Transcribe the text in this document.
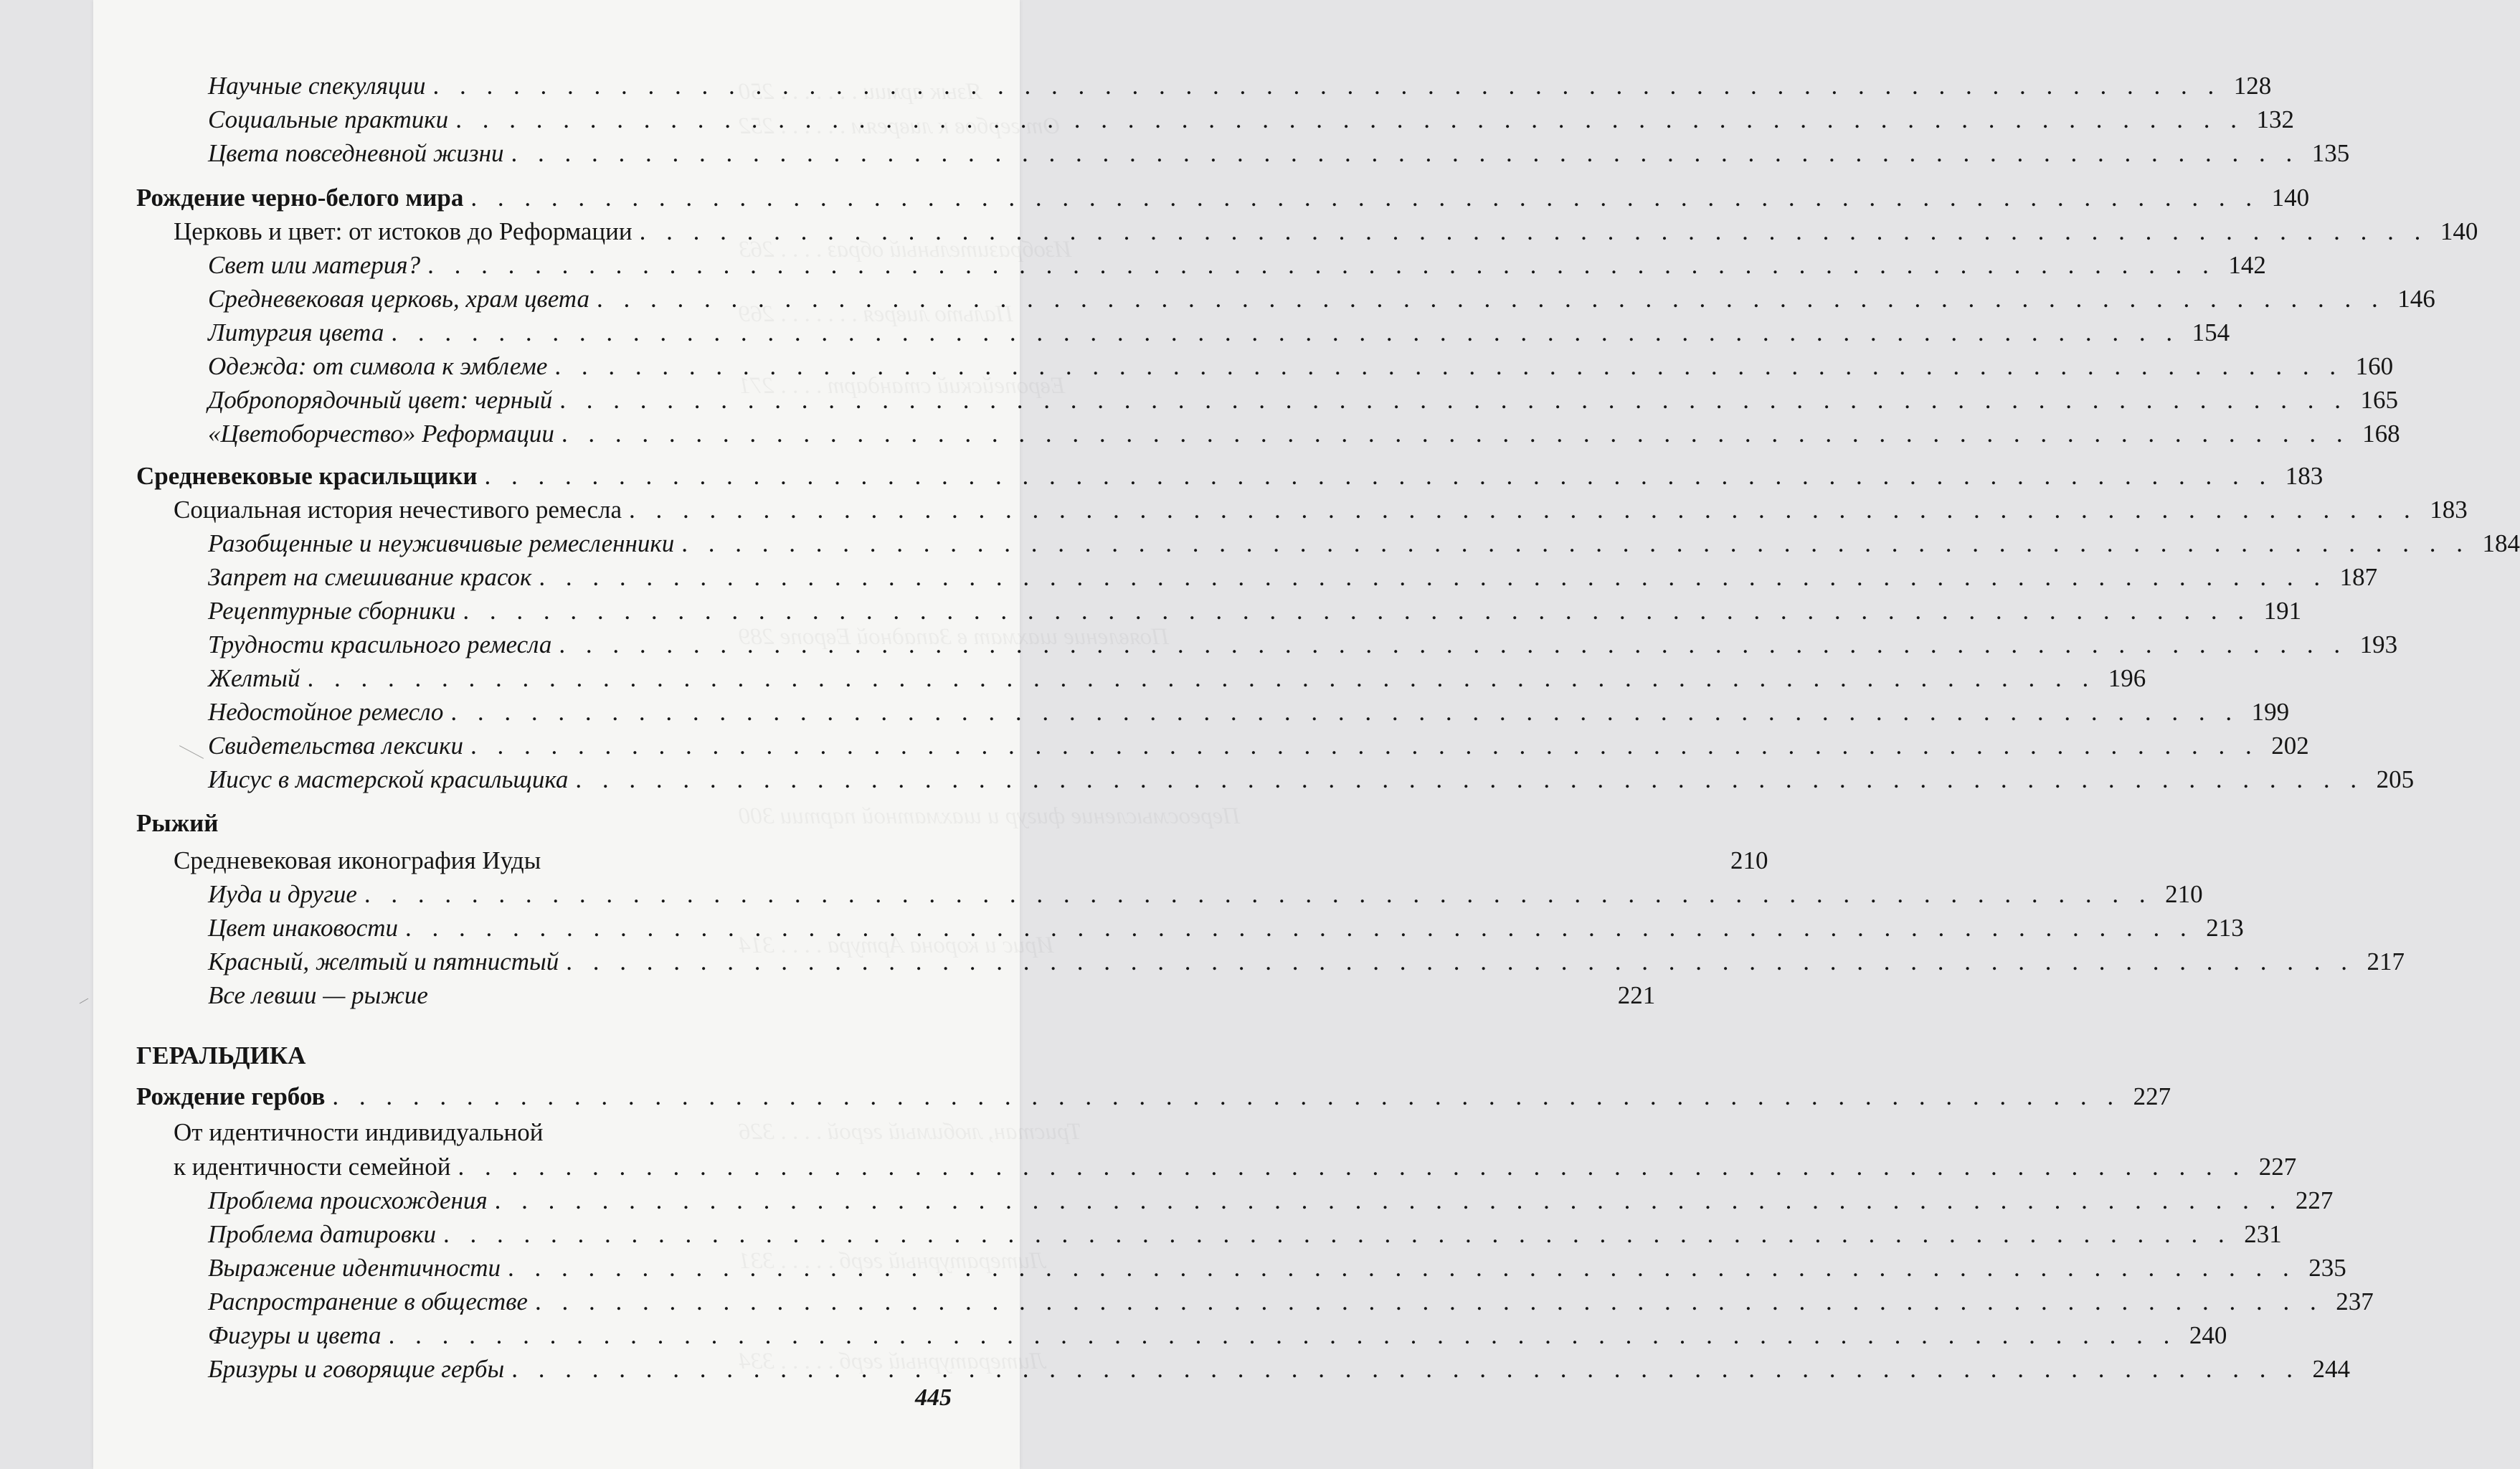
Научные спекуляции . . . . . . . . . . . . . . . . . . . . . . . . . . . . . . . . . . . . . . . . . . . . . . . . . . . . . . . . . . . . . . . . . . . 128
Социальные практики . . . . . . . . . . . . . . . . . . . . . . . . . . . . . . . . . . . . . . . . . . . . . . . . . . . . . . . . . . . . . . . . . . . 132
Цвета повседневной жизни . . . . . . . . . . . . . . . . . . . . . . . . . . . . . . . . . . . . . . . . . . . . . . . . . . . . . . . . . . . . . . . . . . . 135
Рождение черно-белого мира . . . . . . . . . . . . . . . . . . . . . . . . . . . . . . . . . . . . . . . . . . . . . . . . . . . . . . . . . . . . . . . . . . . 140
Церковь и цвет: от истоков до Реформации . . . . . . . . . . . . . . . . . . . . . . . . . . . . . . . . . . . . . . . . . . . . . . . . . . . . . . . . . . . . . . . . . . . 140
Свет или материя? . . . . . . . . . . . . . . . . . . . . . . . . . . . . . . . . . . . . . . . . . . . . . . . . . . . . . . . . . . . . . . . . . . . 142
Средневековая церковь, храм цвета . . . . . . . . . . . . . . . . . . . . . . . . . . . . . . . . . . . . . . . . . . . . . . . . . . . . . . . . . . . . . . . . . . . 146
Литургия цвета . . . . . . . . . . . . . . . . . . . . . . . . . . . . . . . . . . . . . . . . . . . . . . . . . . . . . . . . . . . . . . . . . . . 154
Одежда: от символа к эмблеме . . . . . . . . . . . . . . . . . . . . . . . . . . . . . . . . . . . . . . . . . . . . . . . . . . . . . . . . . . . . . . . . . . . 160
Добропорядочный цвет: черный . . . . . . . . . . . . . . . . . . . . . . . . . . . . . . . . . . . . . . . . . . . . . . . . . . . . . . . . . . . . . . . . . . . 165
«Цветоборчество» Реформации . . . . . . . . . . . . . . . . . . . . . . . . . . . . . . . . . . . . . . . . . . . . . . . . . . . . . . . . . . . . . . . . . . . 168
Средневековые красильщики . . . . . . . . . . . . . . . . . . . . . . . . . . . . . . . . . . . . . . . . . . . . . . . . . . . . . . . . . . . . . . . . . . . 183
Социальная история нечестивого ремесла . . . . . . . . . . . . . . . . . . . . . . . . . . . . . . . . . . . . . . . . . . . . . . . . . . . . . . . . . . . . . . . . . . . 183
Разобщенные и неуживчивые ремесленники . . . . . . . . . . . . . . . . . . . . . . . . . . . . . . . . . . . . . . . . . . . . . . . . . . . . . . . . . . . . . . . . . . . 184
Запрет на смешивание красок . . . . . . . . . . . . . . . . . . . . . . . . . . . . . . . . . . . . . . . . . . . . . . . . . . . . . . . . . . . . . . . . . . . 187
Рецептурные сборники . . . . . . . . . . . . . . . . . . . . . . . . . . . . . . . . . . . . . . . . . . . . . . . . . . . . . . . . . . . . . . . . . . . 191
Трудности красильного ремесла . . . . . . . . . . . . . . . . . . . . . . . . . . . . . . . . . . . . . . . . . . . . . . . . . . . . . . . . . . . . . . . . . . . 193
Желтый . . . . . . . . . . . . . . . . . . . . . . . . . . . . . . . . . . . . . . . . . . . . . . . . . . . . . . . . . . . . . . . . . . . 196
Недостойное ремесло . . . . . . . . . . . . . . . . . . . . . . . . . . . . . . . . . . . . . . . . . . . . . . . . . . . . . . . . . . . . . . . . . . . 199
Свидетельства лексики . . . . . . . . . . . . . . . . . . . . . . . . . . . . . . . . . . . . . . . . . . . . . . . . . . . . . . . . . . . . . . . . . . . 202
Иисус в мастерской красильщика . . . . . . . . . . . . . . . . . . . . . . . . . . . . . . . . . . . . . . . . . . . . . . . . . . . . . . . . . . . . . . . . . . . 205
Рыжий
Средневековая иконография Иуды	210
Иуда и другие . . . . . . . . . . . . . . . . . . . . . . . . . . . . . . . . . . . . . . . . . . . . . . . . . . . . . . . . . . . . . . . . . . . 210
Цвет инаковости . . . . . . . . . . . . . . . . . . . . . . . . . . . . . . . . . . . . . . . . . . . . . . . . . . . . . . . . . . . . . . . . . . . 213
Красный, желтый и пятнистый . . . . . . . . . . . . . . . . . . . . . . . . . . . . . . . . . . . . . . . . . . . . . . . . . . . . . . . . . . . . . . . . . . . 217
Все левши — рыжие	221
ГЕРАЛЬДИКА
Рождение гербов . . . . . . . . . . . . . . . . . . . . . . . . . . . . . . . . . . . . . . . . . . . . . . . . . . . . . . . . . . . . . . . . . . . 227
От идентичности индивидуальной
к идентичности семейной . . . . . . . . . . . . . . . . . . . . . . . . . . . . . . . . . . . . . . . . . . . . . . . . . . . . . . . . . . . . . . . . . . . 227
Проблема происхождения . . . . . . . . . . . . . . . . . . . . . . . . . . . . . . . . . . . . . . . . . . . . . . . . . . . . . . . . . . . . . . . . . . . 227
Проблема датировки . . . . . . . . . . . . . . . . . . . . . . . . . . . . . . . . . . . . . . . . . . . . . . . . . . . . . . . . . . . . . . . . . . . 231
Выражение идентичности . . . . . . . . . . . . . . . . . . . . . . . . . . . . . . . . . . . . . . . . . . . . . . . . . . . . . . . . . . . . . . . . . . . 235
Распространение в обществе . . . . . . . . . . . . . . . . . . . . . . . . . . . . . . . . . . . . . . . . . . . . . . . . . . . . . . . . . . . . . . . . . . . 237
Фигуры и цвета . . . . . . . . . . . . . . . . . . . . . . . . . . . . . . . . . . . . . . . . . . . . . . . . . . . . . . . . . . . . . . . . . . . 240
Бризуры и говорящие гербы . . . . . . . . . . . . . . . . . . . . . . . . . . . . . . . . . . . . . . . . . . . . . . . . . . . . . . . . . . . . . . . . . . . 244
445
